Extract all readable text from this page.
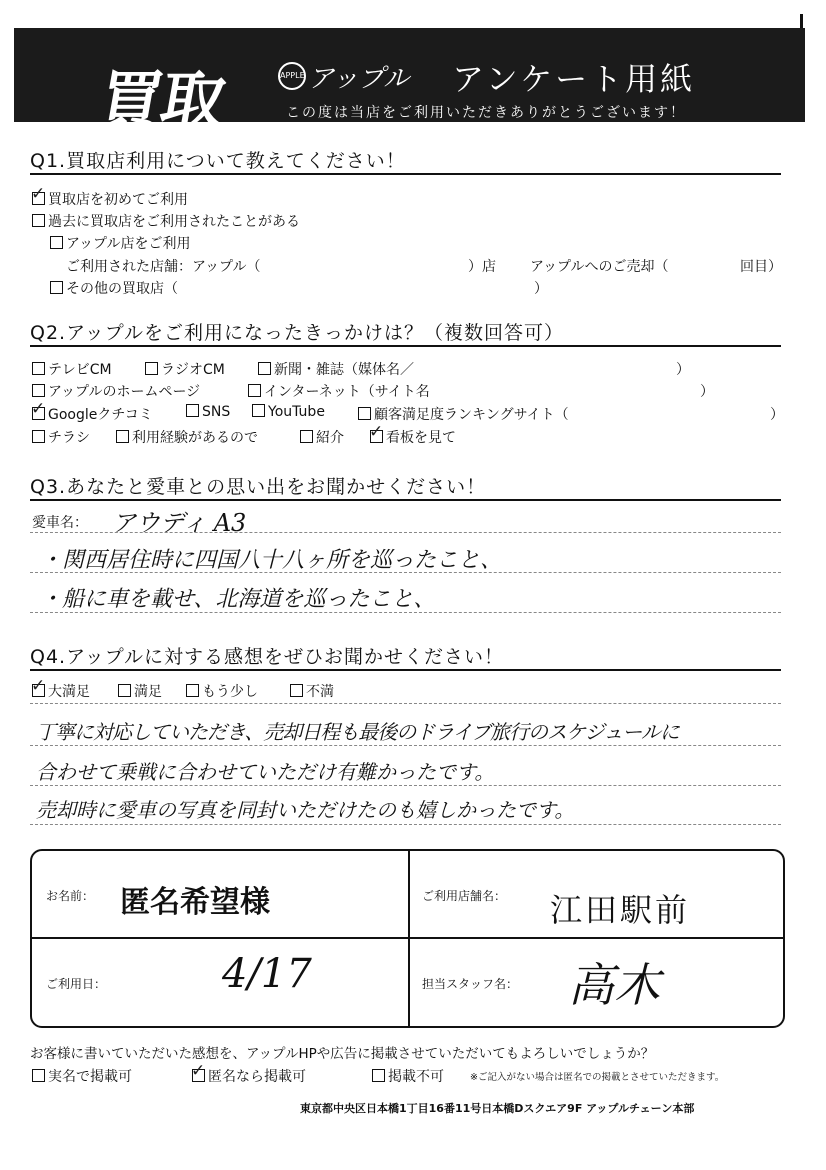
買取	APPLE アップル アンケート用紙
この度は当店をご利用いただきありがとうございます！
Q1.買取店利用について教えてください！
✓買取店を初めてご利用
過去に買取店をご利用されたことがある
アップル店をご利用
ご利用された店舗：アップル（	）店 アップルへのご売却（	回目）
その他の買取店（	）
Q2.アップルをご利用になったきっかけは？（複数回答可）
テレビCM	ラジオCM	新聞・雑誌（媒体名／	）
アップルのホームページ	インターネット（サイト名	）
✓Googleクチコミ	SNS	YouTube	顧客満足度ランキングサイト（	）
チラシ	利用経験があるので	紹介 ✓	看板を見て
Q3.あなたと愛車との思い出をお聞かせください！
愛車名： アウディ A3
・関西居住時に四国八十八ヶ所を巡ったこと、
・船に車を載せ、北海道を巡ったこと、
Q4.アップルに対する感想をぜひお聞かせください！
✓大満足	満足	もう少し	不満
丁寧に対応していただき、売却日程も最後のドライブ旅行のスケジュールに
合わせて乗戦に合わせていただけ有難かったです。
売却時に愛車の写真を同封いただけたのも嬉しかったです。
お名前： 匿名希望様	ご利用店舗名： 江田駅前
ご利用日：	4/17	担当スタッフ名： 高木
お客様に書いていただいた感想を、アップルHPや広告に掲載させていただいてもよろしいでしょうか？
実名で掲載可 ✓	匿名なら掲載可	掲載不可	※ご記入がない場合は匿名での掲載とさせていただきます。
東京都中央区日本橋1丁目16番11号日本橋Dスクエア9F アップルチェーン本部
